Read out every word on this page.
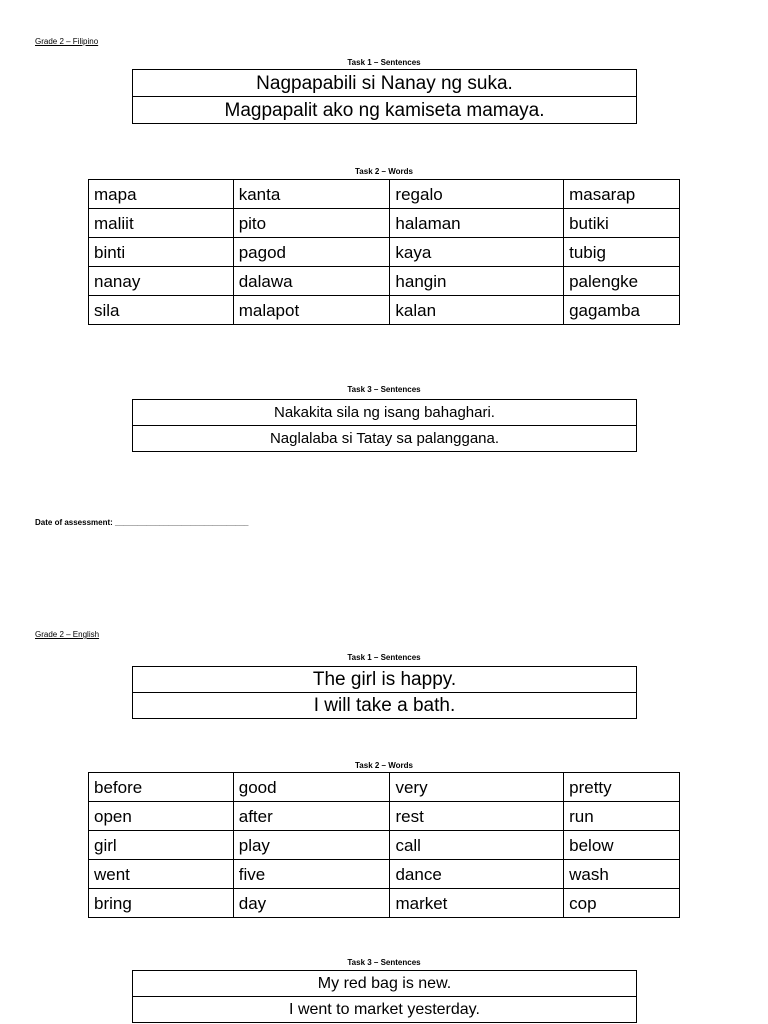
Grade 2 – Filipino
Task 1 – Sentences
Nagpapabili si Nanay ng suka.
Magpapalit ako ng kamiseta mamaya.
Task 2 – Words
mapa	kanta	regalo	masarap
maliit	pito	halaman	butiki
binti	pagod	kaya	tubig
nanay	dalawa	hangin	palengke
sila	malapot	kalan	gagamba
Task 3 – Sentences
Nakakita sila ng isang bahaghari.
Naglalaba si Tatay sa palanggana.
Date of assessment: ______________________________
Grade 2 – English
Task 1 – Sentences
The girl is happy.
I will take a bath.
Task 2 – Words
before	good	very	pretty
open	after	rest	run
girl	play	call	below
went	five	dance	wash
bring	day	market	cop
Task 3 – Sentences
My red bag is new.
I went to market yesterday.
